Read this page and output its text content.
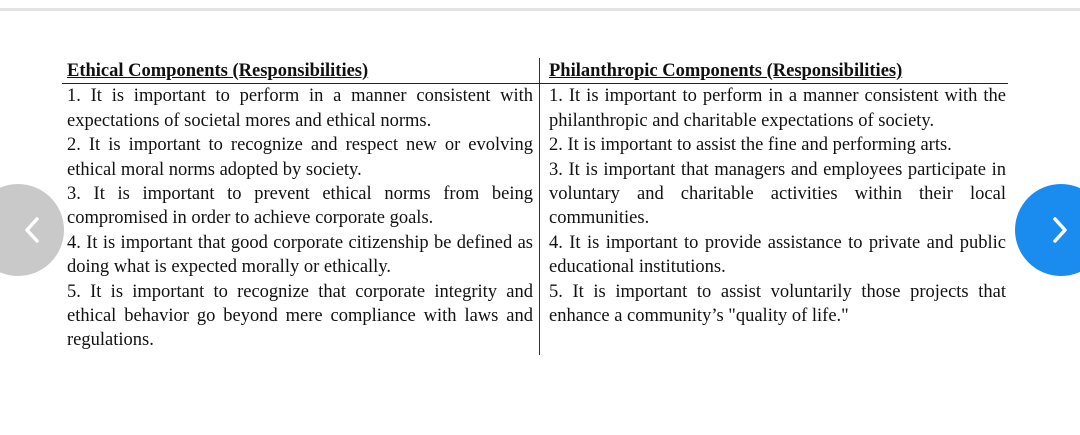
Ethical Components (Responsibilities)	Philanthropic Components (Responsibilities)
1. It is important to perform in a manner consistent with expectations of societal mores and ethical norms.
2. It is important to recognize and respect new or evolving ethical moral norms adopted by society.
3. It is important to prevent ethical norms from being compromised in order to achieve corporate goals.
4. It is important that good corporate citizenship be defined as doing what is expected morally or ethically.
5. It is important to recognize that corporate integrity and ethical behavior go beyond mere compliance with laws and regulations.
1. It is important to perform in a manner consistent with the philanthropic and charitable expectations of society.
2. It is important to assist the fine and performing arts.
3. It is important that managers and employees participate in voluntary and charitable activities within their local communities.
4. It is important to provide assistance to private and public educational institutions.
5. It is important to assist voluntarily those projects that enhance a community’s "quality of life."
